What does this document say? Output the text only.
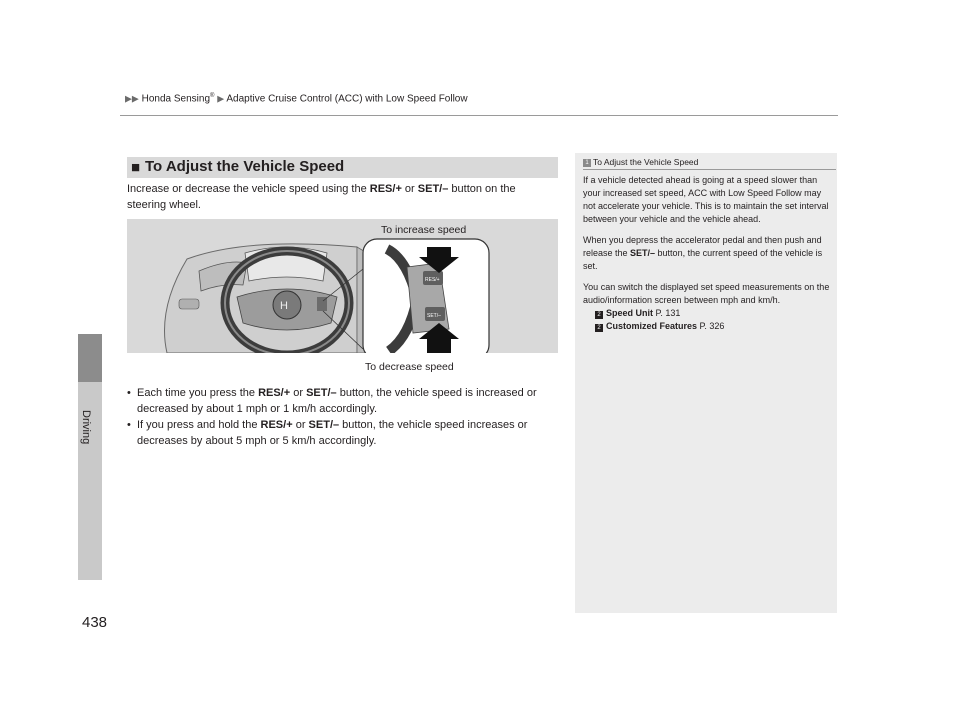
▶▶ Honda Sensing® ▶ Adaptive Cruise Control (ACC) with Low Speed Follow
Driving
438
■ To Adjust the Vehicle Speed
Increase or decrease the vehicle speed using the RES/+ or SET/– button on the steering wheel.
H
RES/+
SET/–
To increase speed
To decrease speed
• Each time you press the RES/+ or SET/– button, the vehicle speed is increased or decreased by about 1 mph or 1 km/h accordingly.
• If you press and hold the RES/+ or SET/– button, the vehicle speed increases or decreases by about 5 mph or 5 km/h accordingly.
1 To Adjust the Vehicle Speed

If a vehicle detected ahead is going at a speed slower than your increased set speed, ACC with Low Speed Follow may not accelerate your vehicle. This is to maintain the set interval between your vehicle and the vehicle ahead.

When you depress the accelerator pedal and then push and release the SET/– button, the current speed of the vehicle is set.

You can switch the displayed set speed measurements on the audio/information screen between mph and km/h.

2 Speed Unit P. 131
2 Customized Features P. 326
